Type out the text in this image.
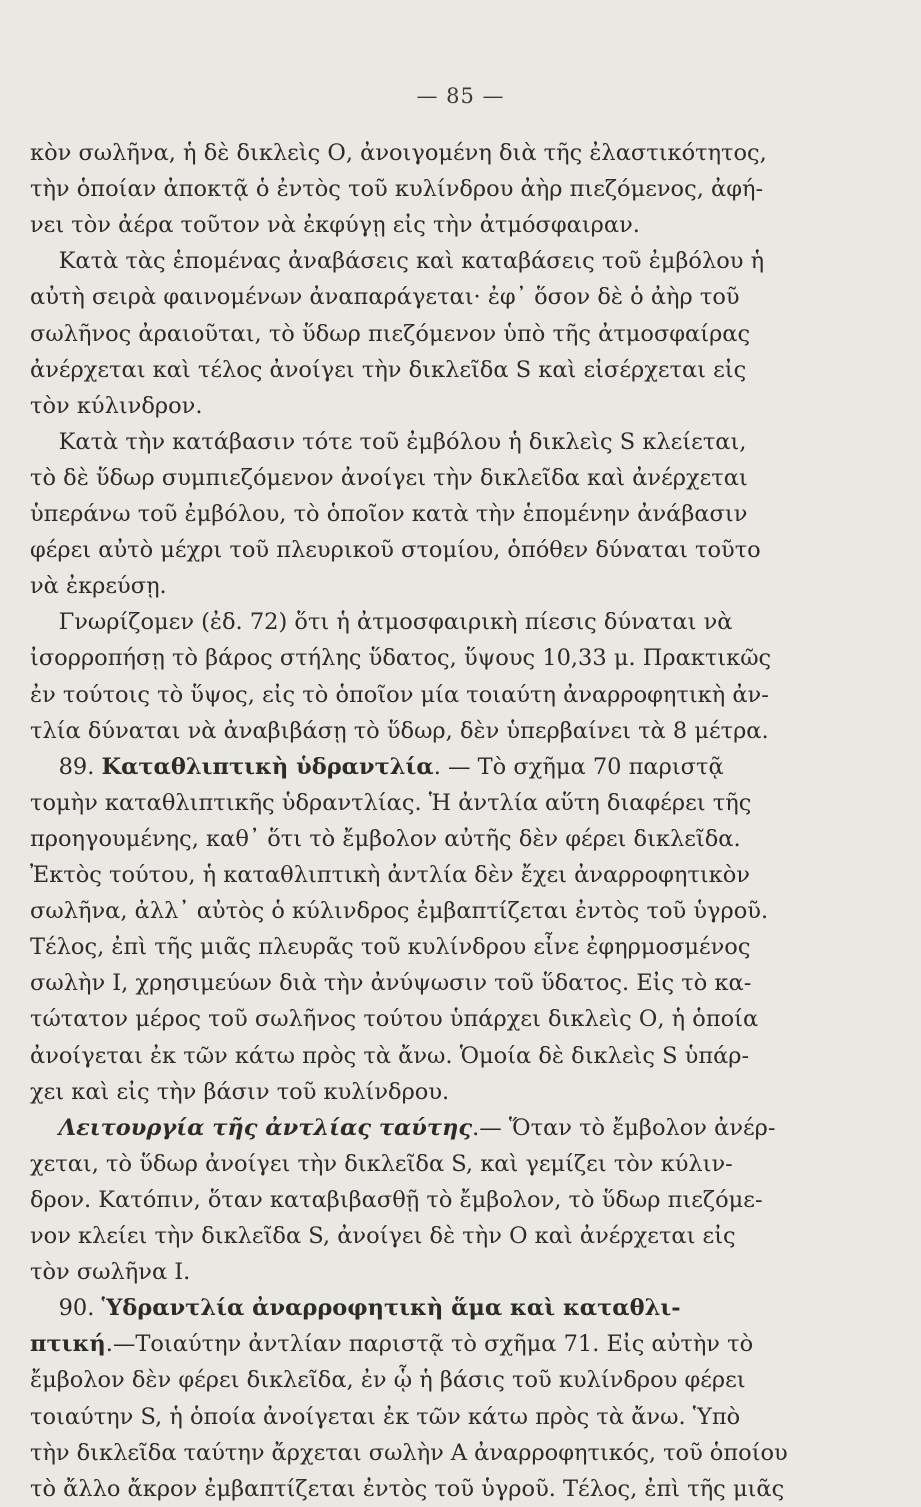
— 85 —
κὸν σωλῆνα, ἡ δὲ δικλεὶς Ο, ἀνοιγομένη διὰ τῆς ἐλαστικότητος,
τὴν ὁποίαν ἀποκτᾷ ὁ ἐντὸς τοῦ κυλίνδρου ἀὴρ πιεζόμενος, ἀφή-
νει τὸν ἀέρα τοῦτον νὰ ἐκφύγῃ εἰς τὴν ἀτμόσφαιραν.
Κατὰ τὰς ἑπομένας ἀναβάσεις καὶ καταβάσεις τοῦ ἐμβόλου ἡ
αὐτὴ σειρὰ φαινομένων ἀναπαράγεται· ἐφ᾽ ὅσον δὲ ὁ ἀὴρ τοῦ
σωλῆνος ἀραιοῦται, τὸ ὕδωρ πιεζόμενον ὑπὸ τῆς ἀτμοσφαίρας
ἀνέρχεται καὶ τέλος ἀνοίγει τὴν δικλεῖδα S καὶ εἰσέρχεται εἰς
τὸν κύλινδρον.
Κατὰ τὴν κατάβασιν τότε τοῦ ἐμβόλου ἡ δικλεὶς S κλείεται,
τὸ δὲ ὕδωρ συμπιεζόμενον ἀνοίγει τὴν δικλεῖδα καὶ ἀνέρχεται
ὑπεράνω τοῦ ἐμβόλου, τὸ ὁποῖον κατὰ τὴν ἑπομένην ἀνάβασιν
φέρει αὐτὸ μέχρι τοῦ πλευρικοῦ στομίου, ὁπόθεν δύναται τοῦτο
νὰ ἐκρεύσῃ.
Γνωρίζομεν (ἐδ. 72) ὅτι ἡ ἀτμοσφαιρικὴ πίεσις δύναται νὰ
ἰσορροπήσῃ τὸ βάρος στήλης ὕδατος, ὕψους 10,33 μ. Πρακτικῶς
ἐν τούτοις τὸ ὕψος, εἰς τὸ ὁποῖον μία τοιαύτη ἀναρροφητικὴ ἀν-
τλία δύναται νὰ ἀναβιβάσῃ τὸ ὕδωρ, δὲν ὑπερβαίνει τὰ 8 μέτρα.
89. Καταθλιπτικὴ ὑδραντλία. — Τὸ σχῆμα 70 παριστᾷ
τομὴν καταθλιπτικῆς ὑδραντλίας. Ἡ ἀντλία αὕτη διαφέρει τῆς
προηγουμένης, καθ᾽ ὅτι τὸ ἔμβολον αὐτῆς δὲν φέρει δικλεῖδα.
Ἐκτὸς τούτου, ἡ καταθλιπτικὴ ἀντλία δὲν ἔχει ἀναρροφητικὸν
σωλῆνα, ἀλλ᾽ αὐτὸς ὁ κύλινδρος ἐμβαπτίζεται ἐντὸς τοῦ ὑγροῦ.
Τέλος, ἐπὶ τῆς μιᾶς πλευρᾶς τοῦ κυλίνδρου εἶνε ἐφηρμοσμένος
σωλὴν Ι, χρησιμεύων διὰ τὴν ἀνύψωσιν τοῦ ὕδατος. Εἰς τὸ κα-
τώτατον μέρος τοῦ σωλῆνος τούτου ὑπάρχει δικλεὶς Ο, ἡ ὁποία
ἀνοίγεται ἐκ τῶν κάτω πρὸς τὰ ἄνω. Ὁμοία δὲ δικλεὶς S ὑπάρ-
χει καὶ εἰς τὴν βάσιν τοῦ κυλίνδρου.
Λειτουργία τῆς ἀντλίας ταύτης.— Ὅταν τὸ ἔμβολον ἀνέρ-
χεται, τὸ ὕδωρ ἀνοίγει τὴν δικλεῖδα S, καὶ γεμίζει τὸν κύλιν-
δρον. Κατόπιν, ὅταν καταβιβασθῇ τὸ ἔμβολον, τὸ ὕδωρ πιεζόμε-
νον κλείει τὴν δικλεῖδα S, ἀνοίγει δὲ τὴν Ο καὶ ἀνέρχεται εἰς
τὸν σωλῆνα Ι.
90. Ὑδραντλία ἀναρροφητικὴ ἅμα καὶ καταθλι-
πτική.—Τοιαύτην ἀντλίαν παριστᾷ τὸ σχῆμα 71. Εἰς αὐτὴν τὸ
ἔμβολον δὲν φέρει δικλεῖδα, ἐν ᾧ ἡ βάσις τοῦ κυλίνδρου φέρει
τοιαύτην S, ἡ ὁποία ἀνοίγεται ἐκ τῶν κάτω πρὸς τὰ ἄνω. Ὑπὸ
τὴν δικλεῖδα ταύτην ἄρχεται σωλὴν Α ἀναρροφητικός, τοῦ ὁποίου
τὸ ἄλλο ἄκρον ἐμβαπτίζεται ἐντὸς τοῦ ὑγροῦ. Τέλος, ἐπὶ τῆς μιᾶς
